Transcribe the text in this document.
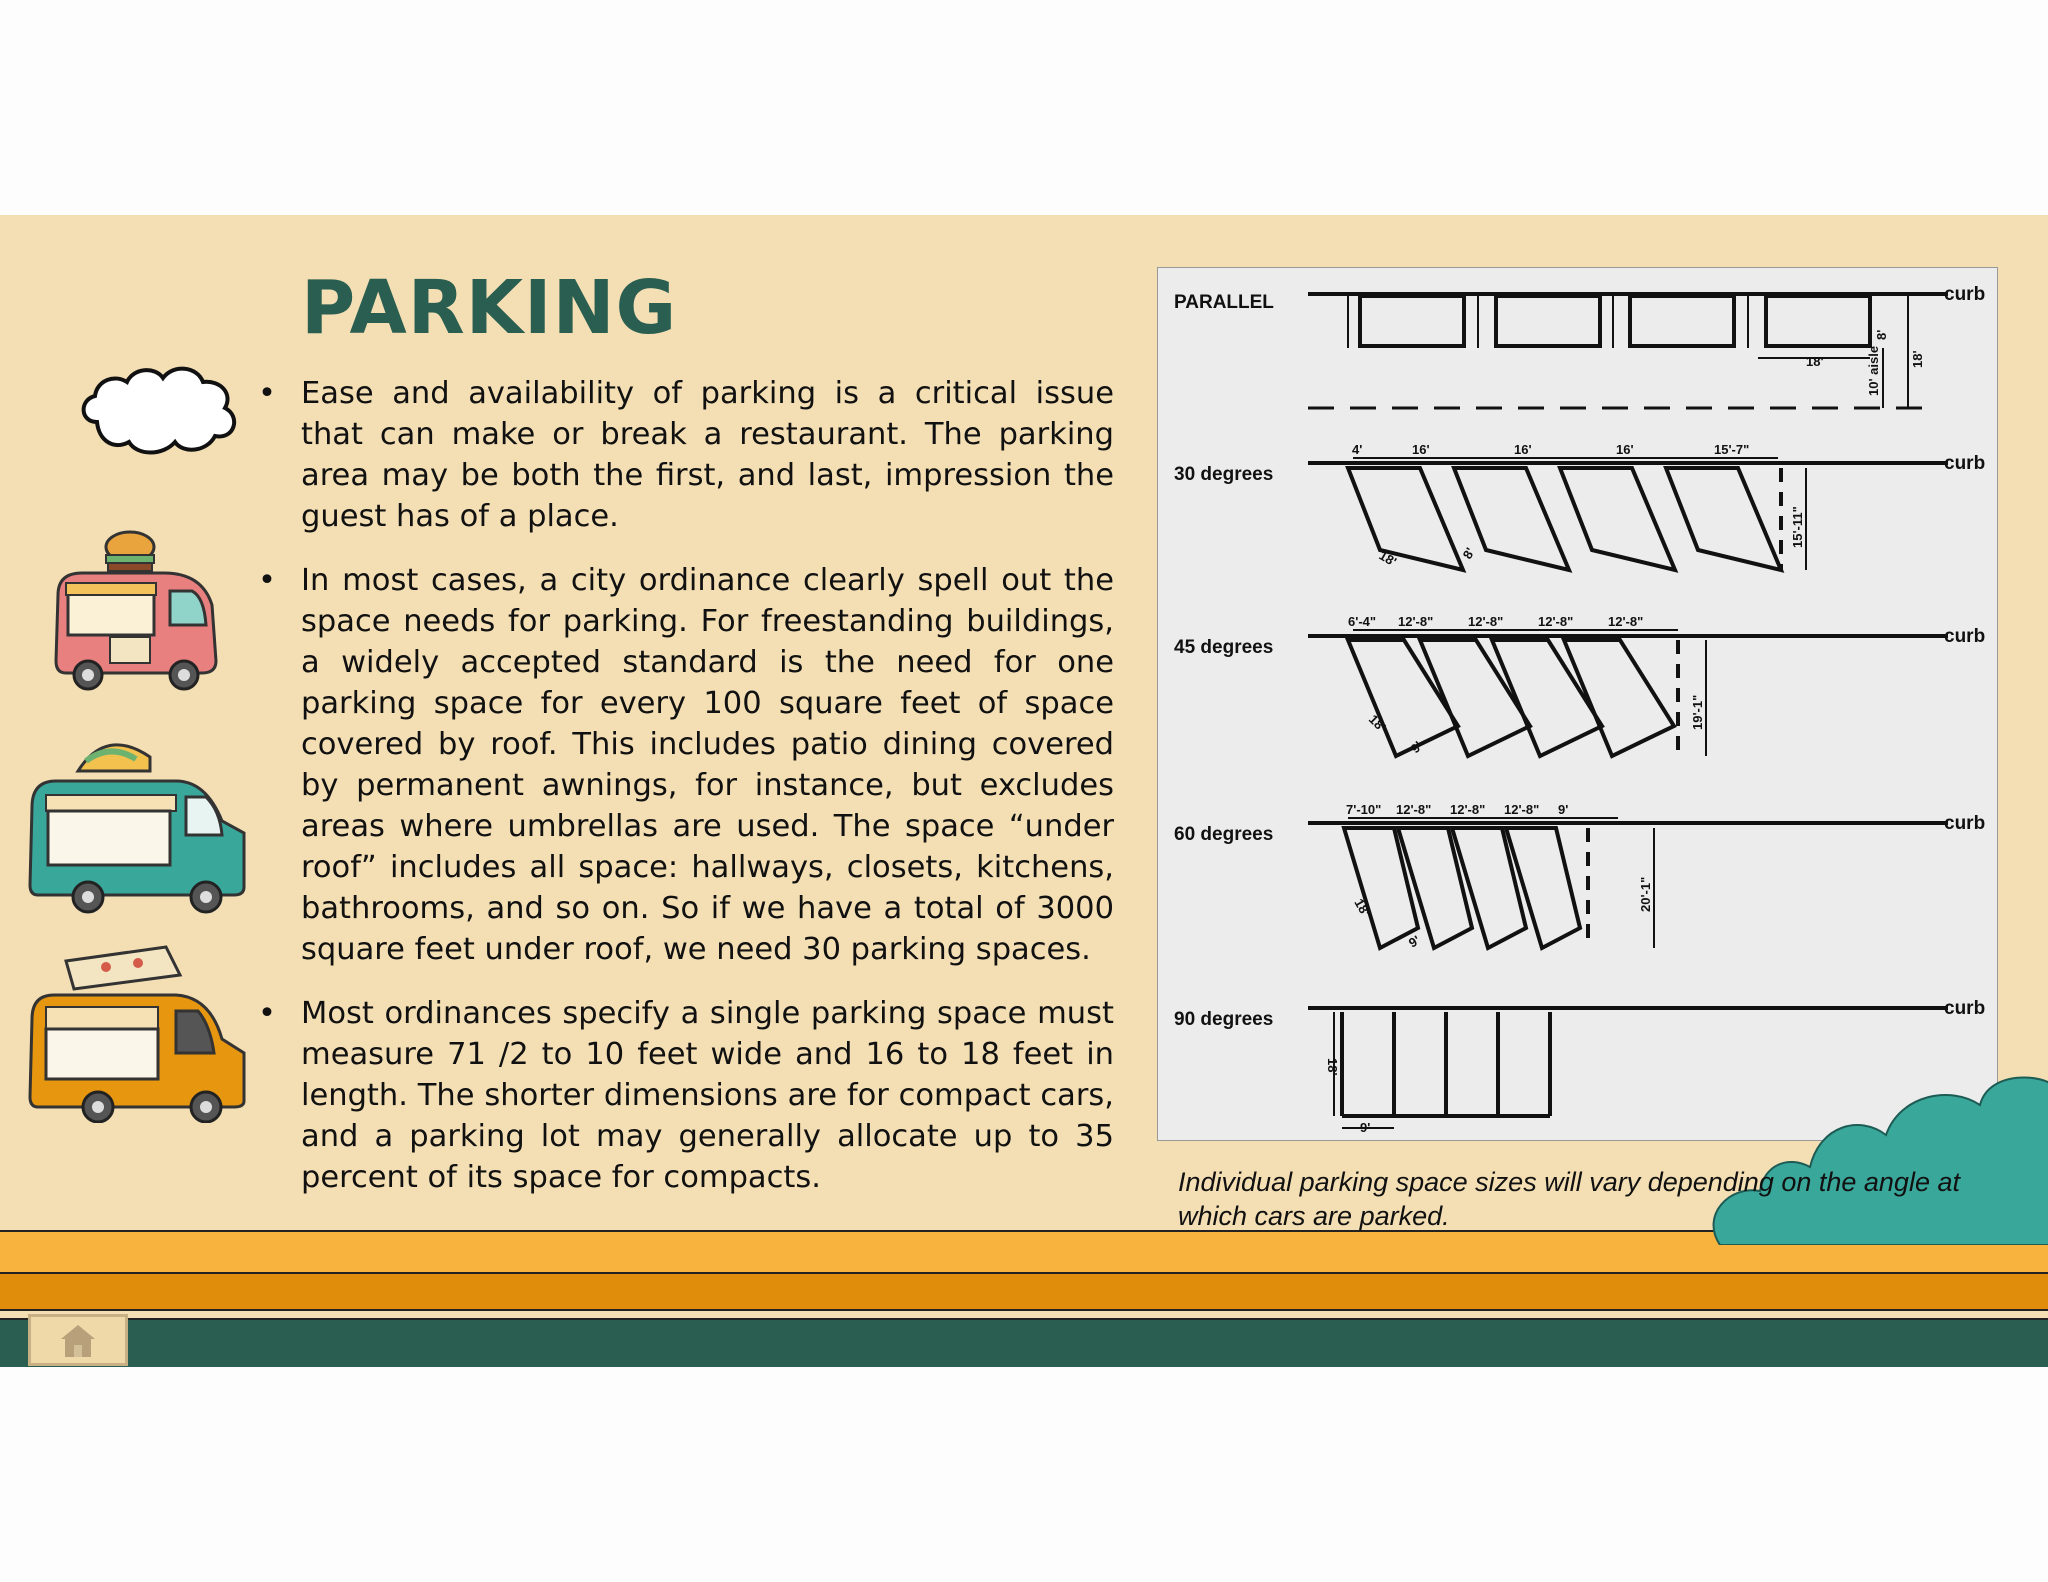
PARKING
• Ease and availability of parking is a critical issue that can make or break a restaurant. The parking area may be both the first, and last, impression the guest has of a place.
• In most cases, a city ordinance clearly spell out the space needs for parking. For freestanding buildings, a widely accepted standard is the need for one parking space for every 100 square feet of space covered by roof. This includes patio dining covered by permanent awnings, for instance, but excludes areas where umbrellas are used. The space “under roof” includes all space: hallways, closets, kitchens, bathrooms, and so on. So if we have a total of 3000 square feet under roof, we need 30 parking spaces.
• Most ordinances specify a single parking space must measure 71 /2 to 10 feet wide and 16 to 18 feet in length. The shorter dimensions are for compact cars, and a parking lot may generally allocate up to 35 percent of its space for compacts.
PARALLEL
30 degrees
45 degrees
60 degrees
90 degrees
curb
curb
curb
curb
curb
18'
8'
10' aisle 18'
4'	16'	16'	16'	15'-7"
18'	8'
15'-11"
6'-4" 12'-8"	12'-8"	12'-8"	12'-8"
18'
9'
19'-1"
7'-10" 12'-8" 12'-8" 12'-8" 9'
18'
9'
20'-1"
18'
9'

Individual parking space sizes will vary depending on the angle at which cars are parked.
